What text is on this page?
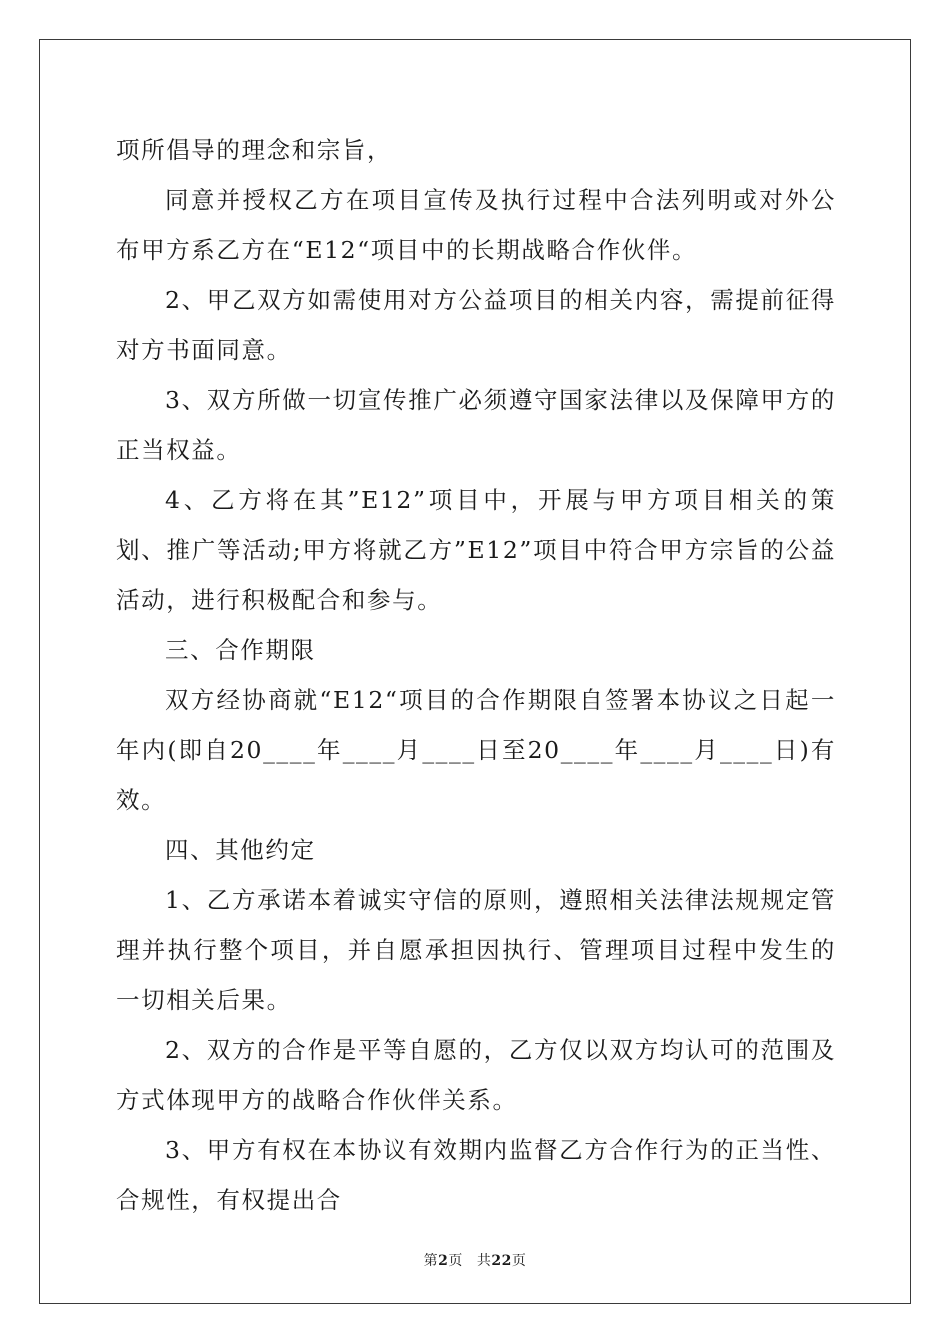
项所倡导的理念和宗旨，

同意并授权乙方在项目宣传及执行过程中合法列明或对外公布甲方系乙方在“E12“项目中的长期战略合作伙伴。

2、甲乙双方如需使用对方公益项目的相关内容，需提前征得对方书面同意。

3、双方所做一切宣传推广必须遵守国家法律以及保障甲方的正当权益。

4、乙方将在其”E12”项目中，开展与甲方项目相关的策划、推广等活动;甲方将就乙方”E12”项目中符合甲方宗旨的公益活动，进行积极配合和参与。

三、合作期限

双方经协商就“E12“项目的合作期限自签署本协议之日起一年内(即自20____年____月____日至20____年____月____日)有效。

四、其他约定

1、乙方承诺本着诚实守信的原则，遵照相关法律法规规定管理并执行整个项目，并自愿承担因执行、管理项目过程中发生的一切相关后果。

2、双方的合作是平等自愿的，乙方仅以双方均认可的范围及方式体现甲方的战略合作伙伴关系。

3、甲方有权在本协议有效期内监督乙方合作行为的正当性、合规性，有权提出合

第2页 共22页
